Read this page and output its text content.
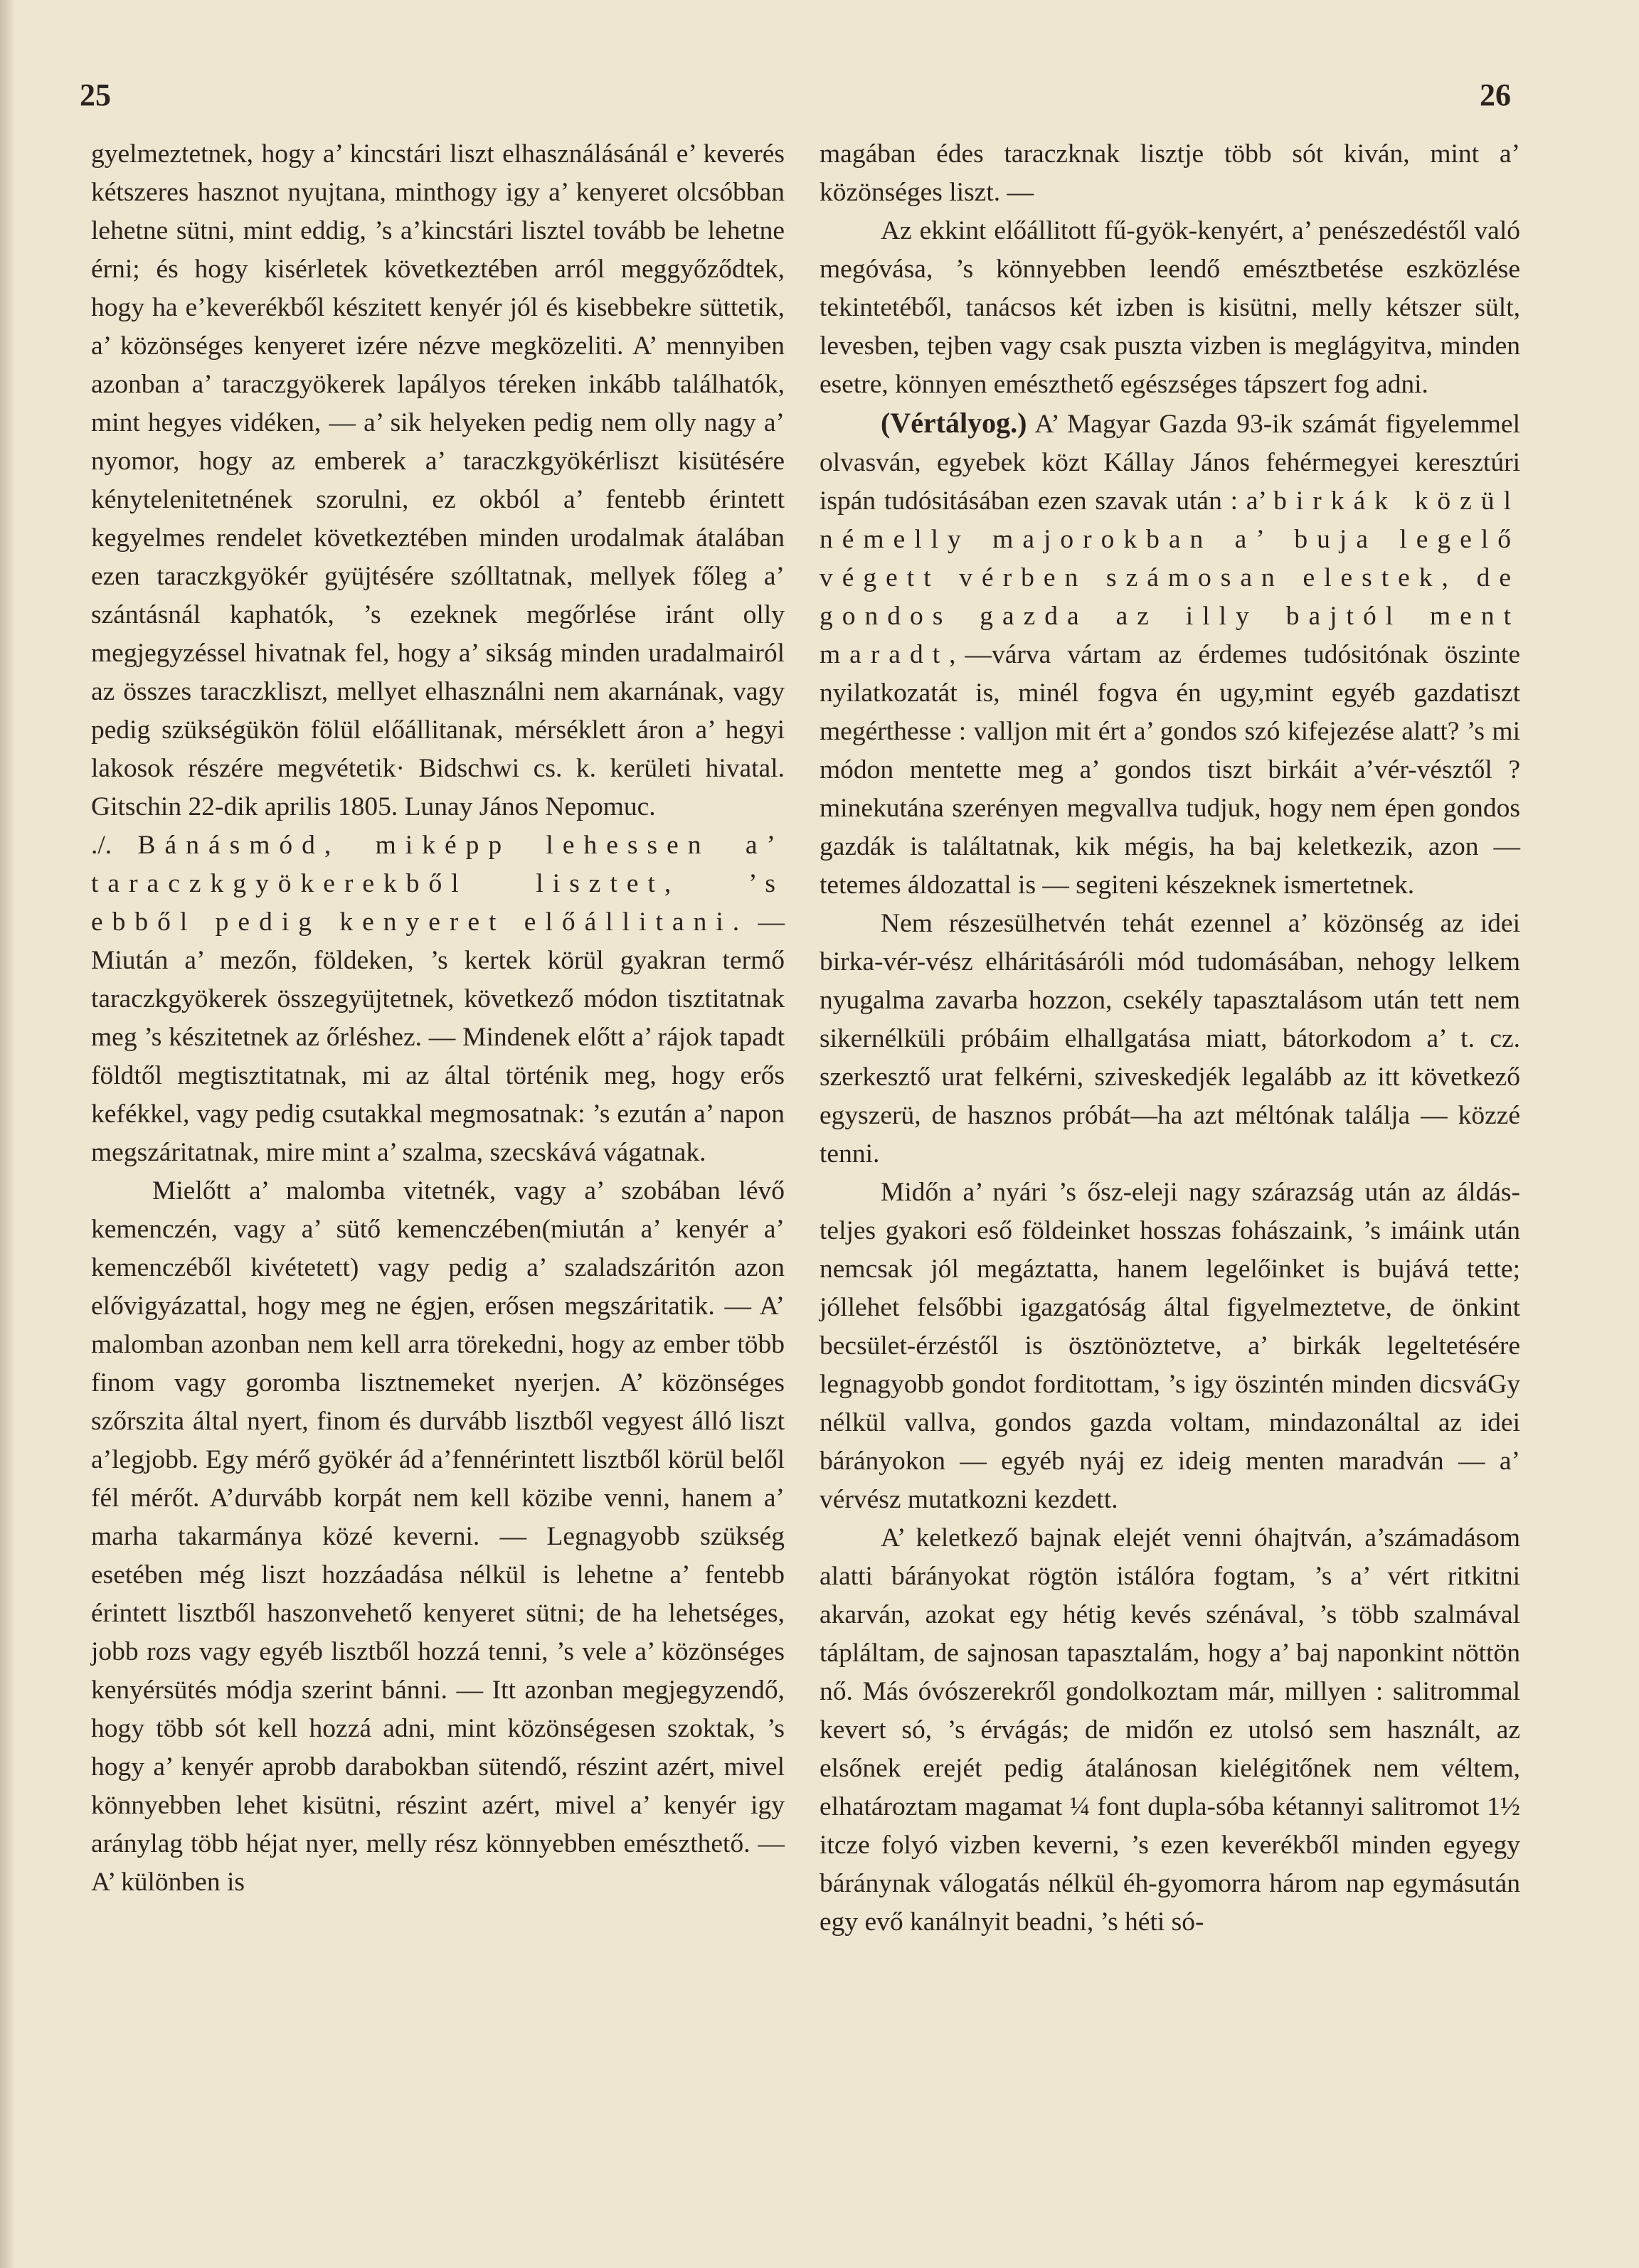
25	26

gyelmeztetnek, hogy a’ kincstári liszt elhasználásánál e’ keverés kétszeres hasznot nyujtana, minthogy igy a’ kenyeret olcsóbban lehetne sütni, mint eddig, ’s a’kincstári lisztel tovább be lehetne érni; és hogy kisérletek következtében arról meggyőződtek, hogy ha e’keverékből készitett kenyér jól és kisebbekre süttetik, a’ közönséges kenyeret izére nézve megközeliti. A’ mennyiben azonban a’ taraczgyökerek lapályos téreken inkább találhatók, mint hegyes vidéken, — a’ sik helyeken pedig nem olly nagy a’ nyomor, hogy az emberek a’ taraczkgyökérliszt kisütésére kénytelenitetnének szorulni, ez okból a’ fentebb érintett kegyelmes rendelet következtében minden urodalmak átalában ezen taraczkgyökér gyüjtésére szólltatnak, mellyek főleg a’ szántásnál kaphatók, ’s ezeknek megőrlése iránt olly megjegyzéssel hivatnak fel, hogy a’ sikság minden uradalmairól az összes taraczkliszt, mellyet elhasználni nem akarnának, vagy pedig szükségükön fölül előállitanak, mérséklett áron a’ hegyi lakosok részére megvétetik· Bidschwi cs. k. kerületi hivatal. Gitschin 22-dik aprilis 1805. Lunay János Nepomuc.

./. Bánásmód, miképp lehessen a’ taraczkgyökerekből lisztet, ’s ebből pedig kenyeret előállitani. — Miután a’ mezőn, földeken, ’s kertek körül gyakran termő taraczkgyökerek összegyüjtetnek, következő módon tisztitatnak meg ’s készitetnek az őrléshez. — Mindenek előtt a’ rájok tapadt földtől megtisztitatnak, mi az által történik meg, hogy erős kefékkel, vagy pedig csutakkal megmosatnak: ’s ezután a’ napon megszáritatnak, mire mint a’ szalma, szecskává vágatnak.

Mielőtt a’ malomba vitetnék, vagy a’ szobában lévő kemenczén, vagy a’ sütő kemenczében(miután a’ kenyér a’ kemenczéből kivétetett) vagy pedig a’ szaladszáritón azon elővigyázattal, hogy meg ne égjen, erősen megszáritatik. — A’ malomban azonban nem kell arra törekedni, hogy az ember több finom vagy goromba lisztnemeket nyerjen. A’ közönséges szőrszita által nyert, finom és durvább lisztből vegyest álló liszt a’legjobb. Egy mérő gyökér ád a’fennérintett lisztből körül belől fél mérőt. A’durvább korpát nem kell közibe venni, hanem a’ marha takarmánya közé keverni. — Legnagyobb szükség esetében még liszt hozzáadása nélkül is lehetne a’ fentebb érintett lisztből haszonvehető kenyeret sütni; de ha lehetséges, jobb rozs vagy egyéb lisztből hozzá tenni, ’s vele a’ közönséges kenyérsütés módja szerint bánni. — Itt azonban megjegyzendő, hogy több sót kell hozzá adni, mint közönségesen szoktak, ’s hogy a’ kenyér aprobb darabokban sütendő, részint azért, mivel könnyebben lehet kisütni, részint azért, mivel a’ kenyér igy aránylag több héjat nyer, melly rész könnyebben emészthető. — A’ különben is

magában édes taraczknak lisztje több sót kiván, mint a’ közönséges liszt. —

Az ekkint előállitott fű-gyök-kenyért, a’ penészedéstől való megóvása, ’s könnyebben leendő emésztbetése eszközlése tekintetéből, tanácsos két izben is kisütni, melly kétszer sült, levesben, tejben vagy csak puszta vizben is meglágyitva, minden esetre, könnyen emészthető egészséges tápszert fog adni.

(Vértályog.) A’ Magyar Gazda 93-ik számát figyelemmel olvasván, egyebek közt Kállay János fehérmegyei keresztúri ispán tudósitásában ezen szavak után : a’ birkák közül némelly majorokban a’ buja legelő végett vérben számosan elestek, de gondos gazda az illy bajtól ment maradt,—várva vártam az érdemes tudósitónak öszinte nyilatkozatát is, minél fogva én ugy,mint egyéb gazdatiszt megérthesse : valljon mit ért a’ gondos szó kifejezése alatt? ’s mi módon mentette meg a’ gondos tiszt birkáit a’vér-vésztől ? minekutána szerényen megvallva tudjuk, hogy nem épen gondos gazdák is találtatnak, kik mégis, ha baj keletkezik, azon — tetemes áldozattal is — segiteni készeknek ismertetnek.

Nem részesülhetvén tehát ezennel a’ közönség az idei birka-vér-vész elháritásáróli mód tudomásában, nehogy lelkem nyugalma zavarba hozzon, csekély tapasztalásom után tett nem sikernélküli próbáim elhallgatása miatt, bátorkodom a’ t. cz. szerkesztő urat felkérni, sziveskedjék legalább az itt következő egyszerü, de hasznos próbát—ha azt méltónak találja — közzé tenni.

Midőn a’ nyári ’s ősz-eleji nagy szárazság után az áldás-teljes gyakori eső földeinket hosszas fohászaink, ’s imáink után nemcsak jól megáztatta, hanem legelőinket is bujává tette; jóllehet felsőbbi igazgatóság által figyelmeztetve, de önkint becsület-érzéstől is ösztönöztetve, a’ birkák legeltetésére legnagyobb gondot forditottam, ’s igy öszintén minden dicsváGy nélkül vallva, gondos gazda voltam, mindazonáltal az idei bárányokon — egyéb nyáj ez ideig menten maradván — a’ vérvész mutatkozni kezdett.

A’ keletkező bajnak elejét venni óhajtván, a’számadásom alatti bárányokat rögtön istálóra fogtam, ’s a’ vért ritkitni akarván, azokat egy hétig kevés szénával, ’s több szalmával tápláltam, de sajnosan tapasztalám, hogy a’ baj naponkint nöttön nő. Más óvószerekről gondolkoztam már, millyen : salitrommal kevert só, ’s érvágás; de midőn ez utolsó sem használt, az elsőnek erejét pedig átalánosan kielégitőnek nem véltem, elhatároztam magamat ¼ font dupla-sóba kétannyi salitromot 1½ itcze folyó vizben keverni, ’s ezen keverékből minden egyegy báránynak válogatás nélkül éh-gyomorra három nap egymásután egy evő kanálnyit beadni, ’s héti só-
